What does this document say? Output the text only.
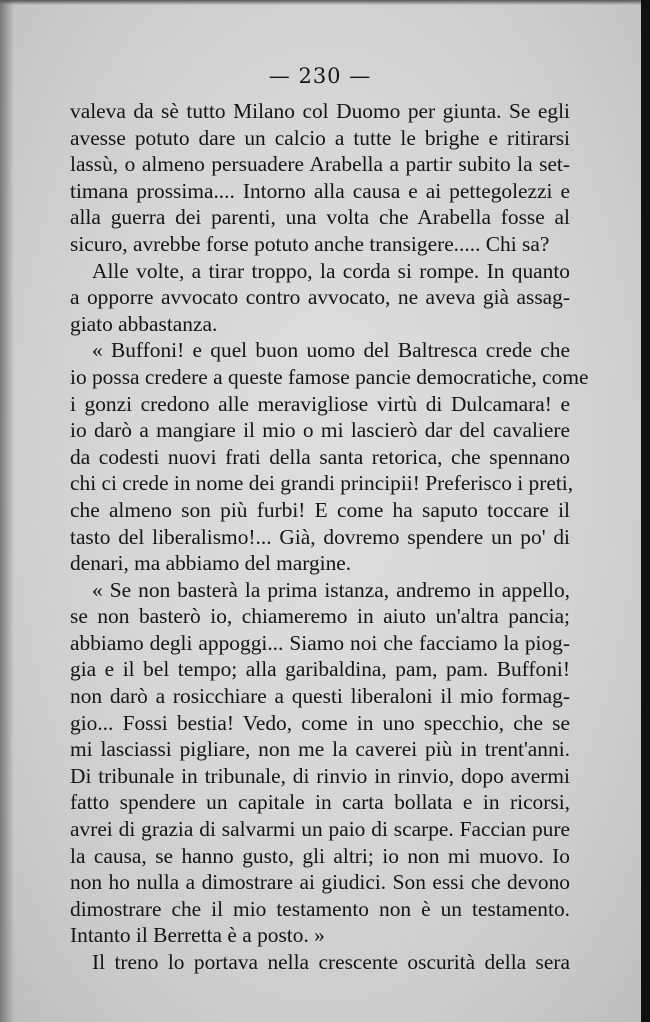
— 230 —

valeva da sè tutto Milano col Duomo per giunta. Se egli
avesse potuto dare un calcio a tutte le brighe e ritirarsi
lassù, o almeno persuadere Arabella a partir subito la set-
timana prossima.... Intorno alla causa e ai pettegolezzi e
alla guerra dei parenti, una volta che Arabella fosse al
sicuro, avrebbe forse potuto anche transigere..... Chi sa?

Alle volte, a tirar troppo, la corda si rompe. In quanto
a opporre avvocato contro avvocato, ne aveva già assag-
giato abbastanza.

« Buffoni! e quel buon uomo del Baltresca crede che
io possa credere a queste famose pancie democratiche, come
i gonzi credono alle meravigliose virtù di Dulcamara! e
io darò a mangiare il mio o mi lascierò dar del cavaliere
da codesti nuovi frati della santa retorica, che spennano
chi ci crede in nome dei grandi principii! Preferisco i preti,
che almeno son più furbi! E come ha saputo toccare il
tasto del liberalismo!... Già, dovremo spendere un po' di
denari, ma abbiamo del margine.

« Se non basterà la prima istanza, andremo in appello,
se non basterò io, chiameremo in aiuto un'altra pancia;
abbiamo degli appoggi... Siamo noi che facciamo la piog-
gia e il bel tempo; alla garibaldina, pam, pam. Buffoni!
non darò a rosicchiare a questi liberaloni il mio formag-
gio... Fossi bestia! Vedo, come in uno specchio, che se
mi lasciassi pigliare, non me la caverei più in trent'anni.
Di tribunale in tribunale, di rinvio in rinvio, dopo avermi
fatto spendere un capitale in carta bollata e in ricorsi,
avrei di grazia di salvarmi un paio di scarpe. Faccian pure
la causa, se hanno gusto, gli altri; io non mi muovo. Io
non ho nulla a dimostrare ai giudici. Son essi che devono
dimostrare che il mio testamento non è un testamento.
Intanto il Berretta è a posto. »

Il treno lo portava nella crescente oscurità della sera
